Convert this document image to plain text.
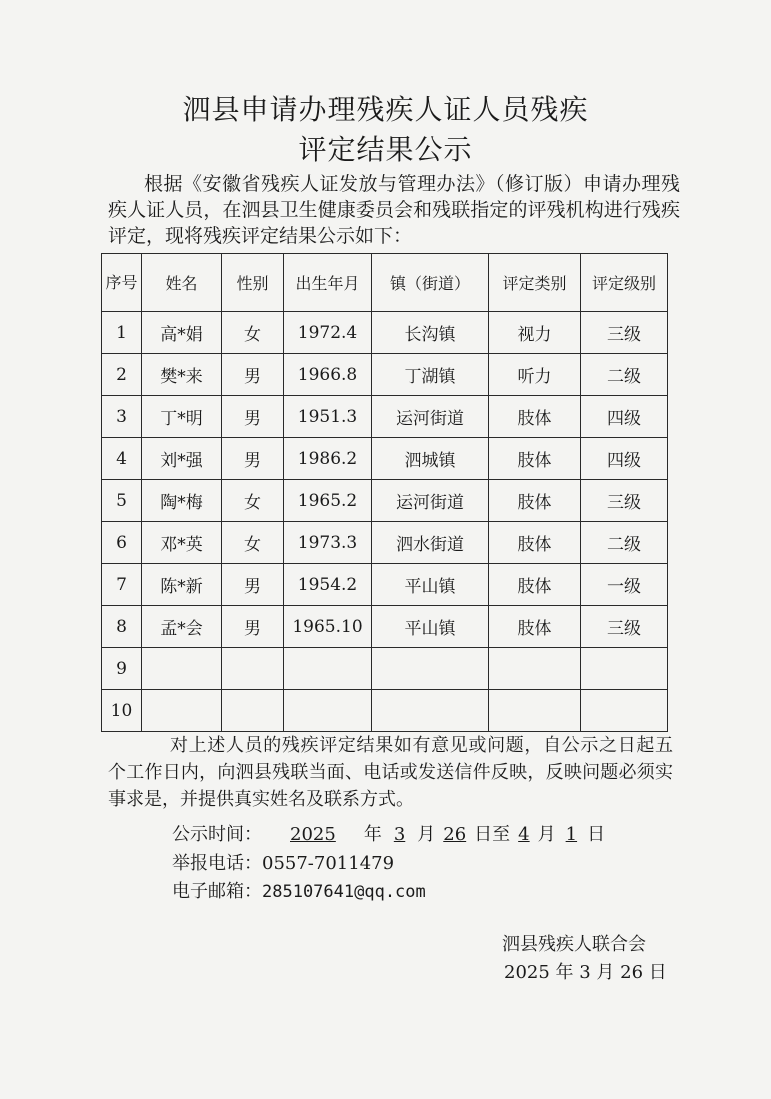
泗县申请办理残疾人证人员残疾
评定结果公示

根据《安徽省残疾人证发放与管理办法》（修订版）申请办理残疾人证人员，在泗县卫生健康委员会和残联指定的评残机构进行残疾评定，现将残疾评定结果公示如下：

序号	姓名	性别	出生年月	镇（街道）	评定类别	评定级别
1	高*娟	女	1972.4	长沟镇	视力	三级
2	樊*来	男	1966.8	丁湖镇	听力	二级
3	丁*明	男	1951.3	运河街道	肢体	四级
4	刘*强	男	1986.2	泗城镇	肢体	四级
5	陶*梅	女	1965.2	运河街道	肢体	三级
6	邓*英	女	1973.3	泗水街道	肢体	二级
7	陈*新	男	1954.2	平山镇	肢体	一级
8	孟*会	男	1965.10	平山镇	肢体	三级
9						
10						

对上述人员的残疾评定结果如有意见或问题，自公示之日起五个工作日内，向泗县残联当面、电话或发送信件反映，反映问题必须实事求是，并提供真实姓名及联系方式。

公示时间： 2025 年 3 月 26 日至 4 月 1 日
举报电话：0557-7011479
电子邮箱：285107641@qq.com
泗县残疾人联合会
2025 年 3 月 26 日
